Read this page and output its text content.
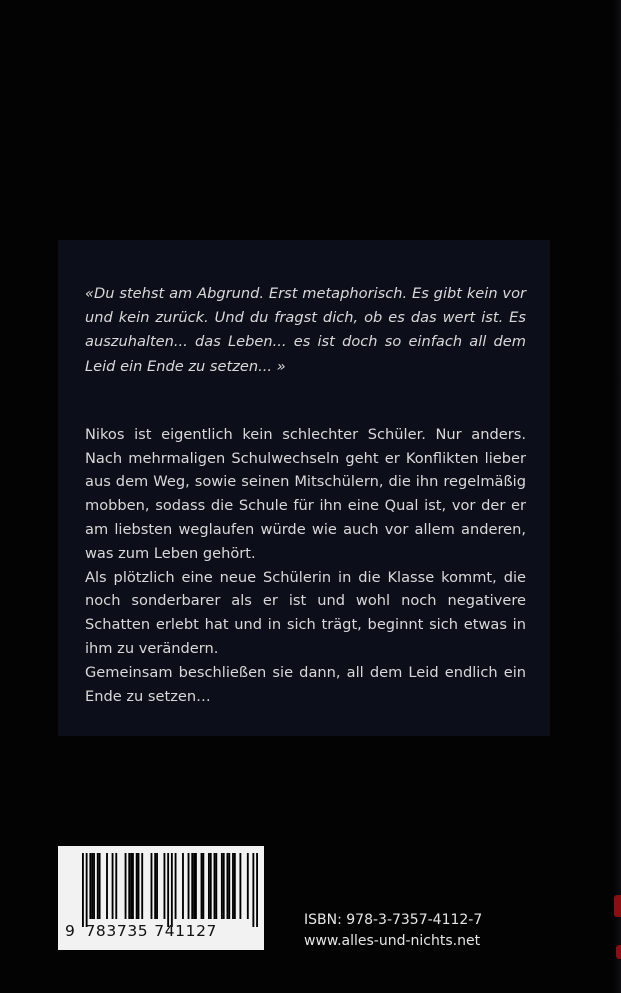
«Du stehst am Abgrund. Erst metaphorisch. Es gibt kein vor und kein zurück. Und du fragst dich, ob es das wert ist. Es auszuhalten... das Leben... es ist doch so einfach all dem Leid ein Ende zu setzen... »

Nikos ist eigentlich kein schlechter Schüler. Nur anders. Nach mehrmaligen Schulwechseln geht er Konflikten lieber aus dem Weg, sowie seinen Mitschülern, die ihn regelmäßig mobben, sodass die Schule für ihn eine Qual ist, vor der er am liebsten weglaufen würde wie auch vor allem anderen, was zum Leben gehört.

Als plötzlich eine neue Schülerin in die Klasse kommt, die noch sonderbarer als er ist und wohl noch negativere Schatten erlebt hat und in sich trägt, beginnt sich etwas in ihm zu verändern.

Gemeinsam beschließen sie dann, all dem Leid endlich ein Ende zu setzen…

9 783735 741127
ISBN: 978-3-7357-4112-7
www.alles-und-nichts.net
